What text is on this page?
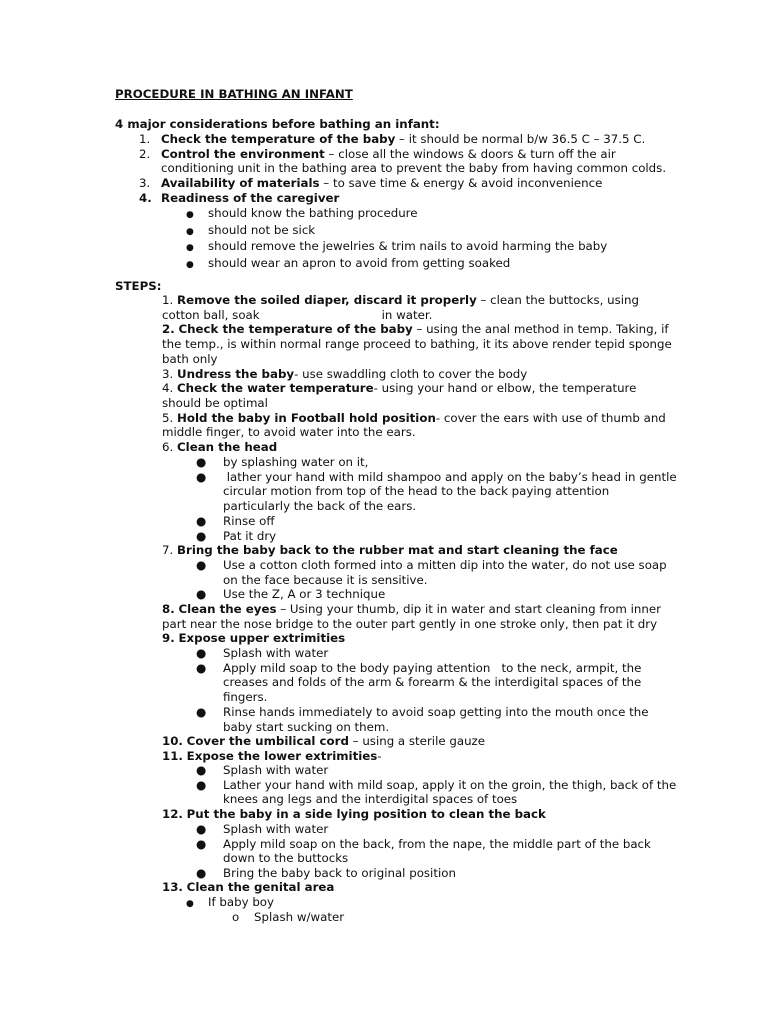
PROCEDURE IN BATHING AN INFANT
4 major considerations before bathing an infant:
1. Check the temperature of the baby – it should be normal b/w 36.5 C – 37.5 C.
2. Control the environment – close all the windows & doors & turn off the air
conditioning unit in the bathing area to prevent the baby from having common colds.
3. Availability of materials – to save time & energy & avoid inconvenience
4. Readiness of the caregiver
● should know the bathing procedure
● should not be sick
● should remove the jewelries & trim nails to avoid harming the baby
● should wear an apron to avoid from getting soaked
STEPS:
1. Remove the soiled diaper, discard it properly – clean the buttocks, using
cotton ball, soak	in water.
2. Check the temperature of the baby – using the anal method in temp. Taking, if
the temp., is within normal range proceed to bathing, it its above render tepid sponge
bath only
3. Undress the baby- use swaddling cloth to cover the body
4. Check the water temperature- using your hand or elbow, the temperature
should be optimal
5. Hold the baby in Football hold position- cover the ears with use of thumb and
middle finger, to avoid water into the ears.
6. Clean the head
● by splashing water on it,
● lather your hand with mild shampoo and apply on the baby’s head in gentle
circular motion from top of the head to the back paying attention
particularly the back of the ears.
● Rinse off
● Pat it dry
7. Bring the baby back to the rubber mat and start cleaning the face
● Use a cotton cloth formed into a mitten dip into the water, do not use soap
on the face because it is sensitive.
● Use the Z, A or 3 technique
8. Clean the eyes – Using your thumb, dip it in water and start cleaning from inner
part near the nose bridge to the outer part gently in one stroke only, then pat it dry
9. Expose upper extrimities
● Splash with water
● Apply mild soap to the body paying attention   to the neck, armpit, the
creases and folds of the arm & forearm & the interdigital spaces of the
fingers.
● Rinse hands immediately to avoid soap getting into the mouth once the
baby start sucking on them.
10. Cover the umbilical cord – using a sterile gauze
11. Expose the lower extrimities-
● Splash with water
● Lather your hand with mild soap, apply it on the groin, the thigh, back of the
knees ang legs and the interdigital spaces of toes
12. Put the baby in a side lying position to clean the back
● Splash with water
● Apply mild soap on the back, from the nape, the middle part of the back
down to the buttocks
● Bring the baby back to original position
13. Clean the genital area
● If baby boy
o Splash w/water
